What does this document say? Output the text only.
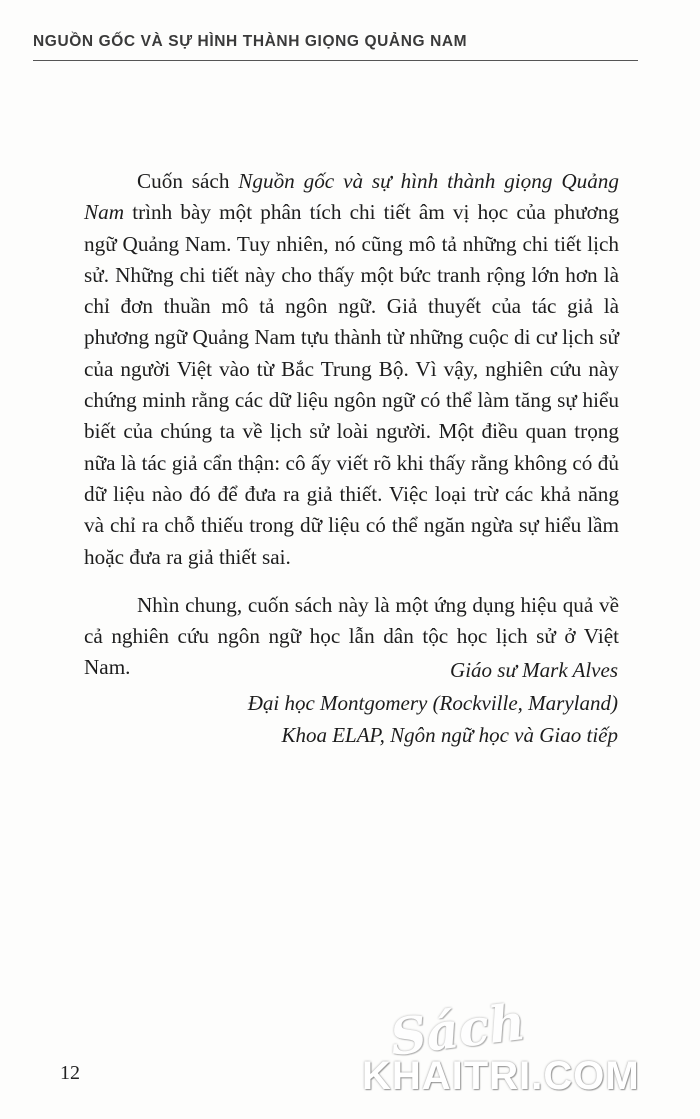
NGUỒN GỐC VÀ SỰ HÌNH THÀNH GIỌNG QUẢNG NAM

Cuốn sách Nguồn gốc và sự hình thành giọng Quảng Nam trình bày một phân tích chi tiết âm vị học của phương ngữ Quảng Nam. Tuy nhiên, nó cũng mô tả những chi tiết lịch sử. Những chi tiết này cho thấy một bức tranh rộng lớn hơn là chỉ đơn thuần mô tả ngôn ngữ. Giả thuyết của tác giả là phương ngữ Quảng Nam tựu thành từ những cuộc di cư lịch sử của người Việt vào từ Bắc Trung Bộ. Vì vậy, nghiên cứu này chứng minh rằng các dữ liệu ngôn ngữ có thể làm tăng sự hiểu biết của chúng ta về lịch sử loài người. Một điều quan trọng nữa là tác giả cẩn thận: cô ấy viết rõ khi thấy rằng không có đủ dữ liệu nào đó để đưa ra giả thiết. Việc loại trừ các khả năng và chỉ ra chỗ thiếu trong dữ liệu có thể ngăn ngừa sự hiểu lầm hoặc đưa ra giả thiết sai.

Nhìn chung, cuốn sách này là một ứng dụng hiệu quả về cả nghiên cứu ngôn ngữ học lẫn dân tộc học lịch sử ở Việt Nam.	Giáo sư Mark Alves
Đại học Montgomery (Rockville, Maryland)
Khoa ELAP, Ngôn ngữ học và Giao tiếp
12
Sách
KHAITRI.COM
